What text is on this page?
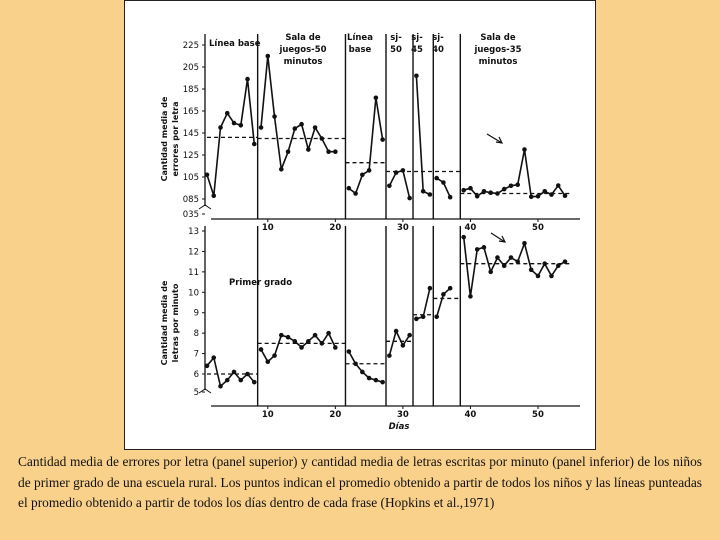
Cantidad media de errores por letra
Cantidad media de letras por minuto
Línea base
Sala de
juegos-50
minutos
Línea
base
sj-
50
sj-
45
sj-
40
Sala de
juegos-35
minutos
Primer grado
Días
225
205
185
165
145
125
105
085
035
13
12
11
10
9
8
7
6
5
10	20	30	40	50
10	20	30	40	50
Cantidad media de errores por letra (panel superior) y cantidad media de letras escritas por minuto (panel inferior) de los niños de primer grado de una escuela rural. Los puntos indican el promedio obtenido a partir de todos los niños y las líneas punteadas el promedio obtenido a partir de todos los días dentro de cada frase (Hopkins et al.,1971)
